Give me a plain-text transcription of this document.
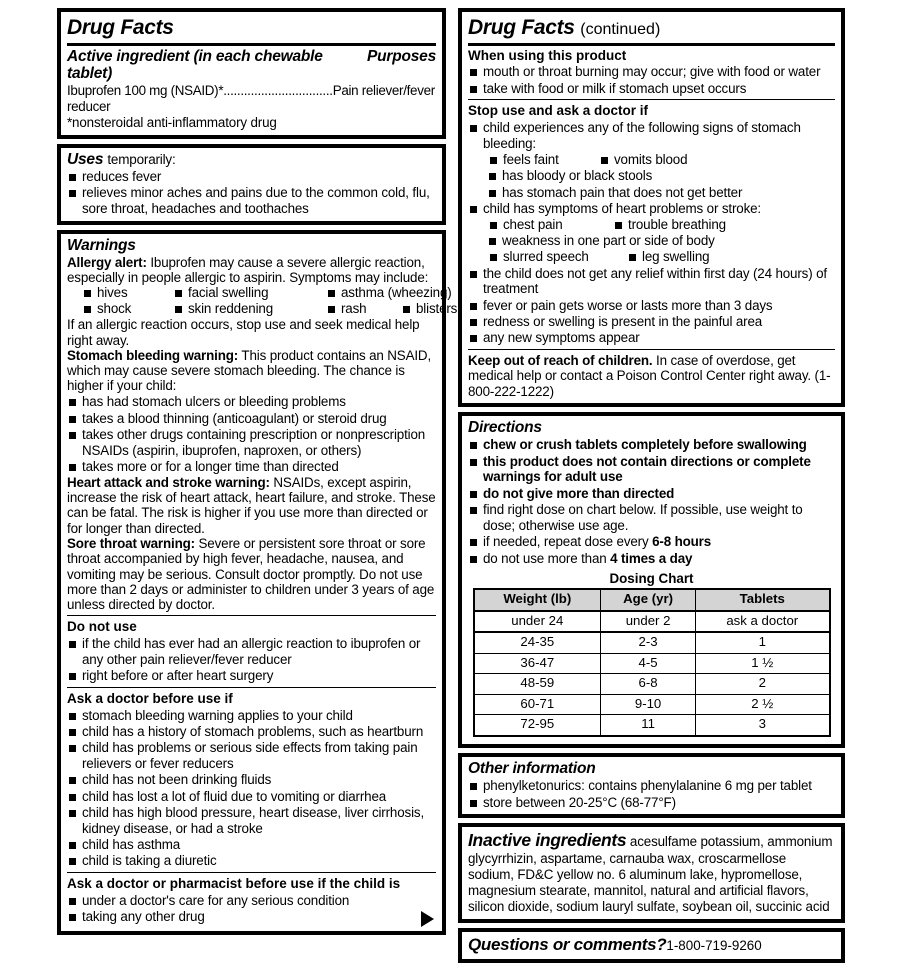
Drug Facts
Active ingredient (in each chewable tablet)
Purposes
Ibuprofen 100 mg (NSAID)*................................Pain reliever/fever reducer
*nonsteroidal anti-inflammatory drug
Uses temporarily:
reduces fever
relieves minor aches and pains due to the common cold, flu, sore throat, headaches and toothaches
Warnings
Allergy alert: Ibuprofen may cause a severe allergic reaction, especially in people allergic to aspirin. Symptoms may include:
hives	facial swelling	asthma (wheezing)
shock	skin reddening	rash	blisters
If an allergic reaction occurs, stop use and seek medical help right away.
Stomach bleeding warning: This product contains an NSAID, which may cause severe stomach bleeding. The chance is higher if your child:
has had stomach ulcers or bleeding problems
takes a blood thinning (anticoagulant) or steroid drug
takes other drugs containing prescription or nonprescription NSAIDs (aspirin, ibuprofen, naproxen, or others)
takes more or for a longer time than directed
Heart attack and stroke warning: NSAIDs, except aspirin, increase the risk of heart attack, heart failure, and stroke. These can be fatal. The risk is higher if you use more than directed or for longer than directed.
Sore throat warning: Severe or persistent sore throat or sore throat accompanied by high fever, headache, nausea, and vomiting may be serious. Consult doctor promptly. Do not use more than 2 days or administer to children under 3 years of age unless directed by doctor.
Do not use
if the child has ever had an allergic reaction to ibuprofen or any other pain reliever/fever reducer
right before or after heart surgery
Ask a doctor before use if
stomach bleeding warning applies to your child
child has a history of stomach problems, such as heartburn
child has problems or serious side effects from taking pain relievers or fever reducers
child has not been drinking fluids
child has lost a lot of fluid due to vomiting or diarrhea
child has high blood pressure, heart disease, liver cirrhosis, kidney disease, or had a stroke
child has asthma
child is taking a diuretic
Ask a doctor or pharmacist before use if the child is
under a doctor's care for any serious condition
taking any other drug
Drug Facts (continued)
When using this product
mouth or throat burning may occur; give with food or water
take with food or milk if stomach upset occurs
Stop use and ask a doctor if
child experiences any of the following signs of stomach bleeding:
feels faint	vomits blood
has bloody or black stools
has stomach pain that does not get better
child has symptoms of heart problems or stroke:
chest pain	trouble breathing
weakness in one part or side of body
slurred speech	leg swelling
the child does not get any relief within first day (24 hours) of treatment
fever or pain gets worse or lasts more than 3 days
redness or swelling is present in the painful area
any new symptoms appear
Keep out of reach of children. In case of overdose, get medical help or contact a Poison Control Center right away. (1-800-222-1222)
Directions
chew or crush tablets completely before swallowing
this product does not contain directions or complete warnings for adult use
do not give more than directed
find right dose on chart below. If possible, use weight to dose; otherwise use age.
if needed, repeat dose every 6-8 hours
do not use more than 4 times a day
Dosing Chart
Weight (lb)	Age (yr)	Tablets
under 24	under 2	ask a doctor
24-35	2-3	1
36-47	4-5	1 ½
48-59	6-8	2
60-71	9-10	2 ½
72-95	11	3
Other information
phenylketonurics: contains phenylalanine 6 mg per tablet
store between 20-25°C (68-77°F)
Inactive ingredients acesulfame potassium, ammonium glycyrrhizin, aspartame, carnauba wax, croscarmellose sodium, FD&C yellow no. 6 aluminum lake, hypromellose, magnesium stearate, mannitol, natural and artificial flavors, silicon dioxide, sodium lauryl sulfate, soybean oil, succinic acid
Questions or comments?1-800-719-9260
